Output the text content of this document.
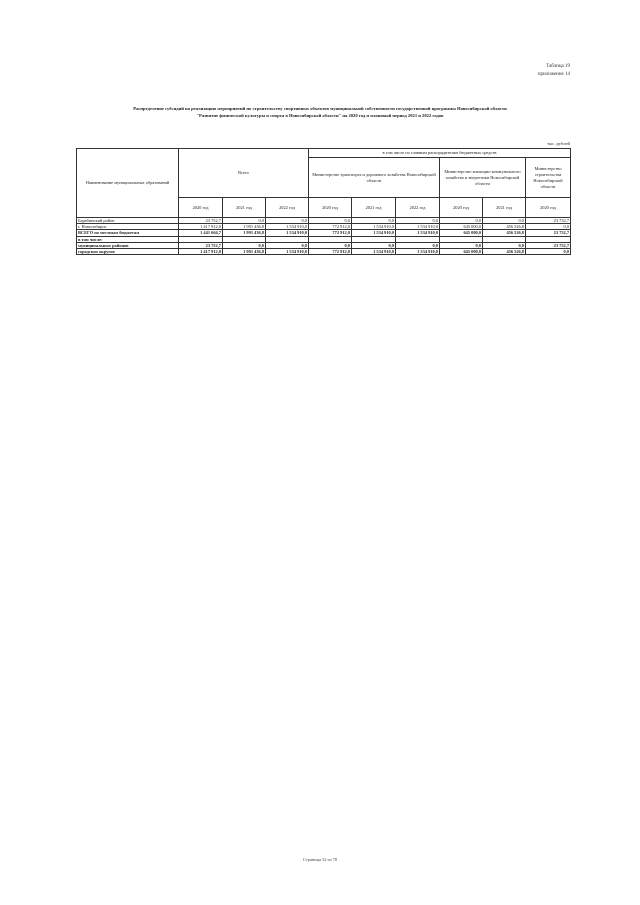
Таблица 19
приложение 14
Распределение субсидий на реализацию мероприятий по строительству спортивных объектов муниципальной собственности государственной программы Новосибирской области
"Развитие физической культуры и спорта в Новосибирской области" на 2020 год и плановый период 2021 и 2022 годов
тыс. рублей
Наименование муниципальных образований	Всего			в том числе по главным распорядителям бюджетных средств					
				Министерство транспорта и дорожного хозяйства Новосибирской области			Министерство жилищно-коммунального хозяйства и энергетики Новосибирской области		Министерство строительства Новосибирской области
	2020 год	2021 год	2022 год	2020 год	2021 год	2022 год	2020 год	2021 год	2020 год
Барабинский район	23 752,7	0,0	0,0	0,0	0,0	0,0	0,0	0,0	23 752,7
г. Новосибирск	1 417 912,0	1 991 436,8	1 534 910,0	772 912,0	1 534 910,0	1 534 910,0	645 000,0	456 526,8	0,0
ВСЕГО по местным бюджетам	1 441 664,7	1 991 436,8	1 534 910,0	772 912,0	1 534 910,0	1 534 910,0	645 000,0	456 526,8	23 752,7
в том числе:									
муниципальных районов	23 752,7	0,0	0,0	0,0	0,0	0,0	0,0	0,0	23 752,7
городских округов	1 417 912,0	1 991 436,8	1 534 910,0	772 912,0	1 534 910,0	1 534 910,0	645 000,0	456 526,8	0,0
Страница 52 из 78
